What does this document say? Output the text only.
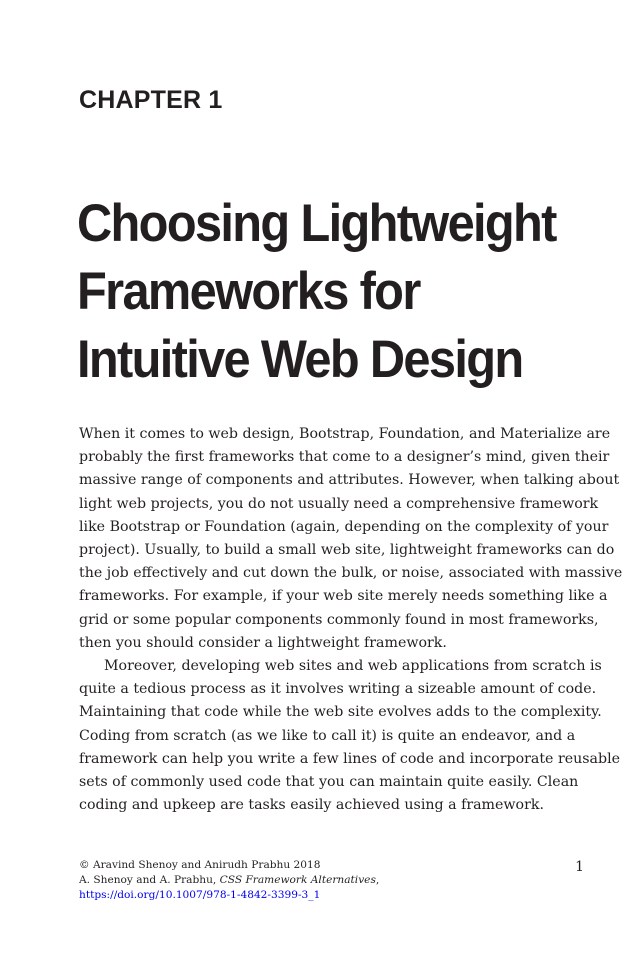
CHAPTER 1
Choosing Lightweight
Frameworks for
Intuitive Web Design

When it comes to web design, Bootstrap, Foundation, and Materialize are
probably the first frameworks that come to a designer’s mind, given their
massive range of components and attributes. However, when talking about
light web projects, you do not usually need a comprehensive framework
like Bootstrap or Foundation (again, depending on the complexity of your
project). Usually, to build a small web site, lightweight frameworks can do
the job effectively and cut down the bulk, or noise, associated with massive
frameworks. For example, if your web site merely needs something like a
grid or some popular components commonly found in most frameworks,
then you should consider a lightweight framework.

Moreover, developing web sites and web applications from scratch is
quite a tedious process as it involves writing a sizeable amount of code.
Maintaining that code while the web site evolves adds to the complexity.
Coding from scratch (as we like to call it) is quite an endeavor, and a
framework can help you write a few lines of code and incorporate reusable
sets of commonly used code that you can maintain quite easily. Clean
coding and upkeep are tasks easily achieved using a framework.

© Aravind Shenoy and Anirudh Prabhu 2018
A. Shenoy and A. Prabhu, CSS Framework Alternatives,
https://doi.org/10.1007/978-1-4842-3399-3_1
1
